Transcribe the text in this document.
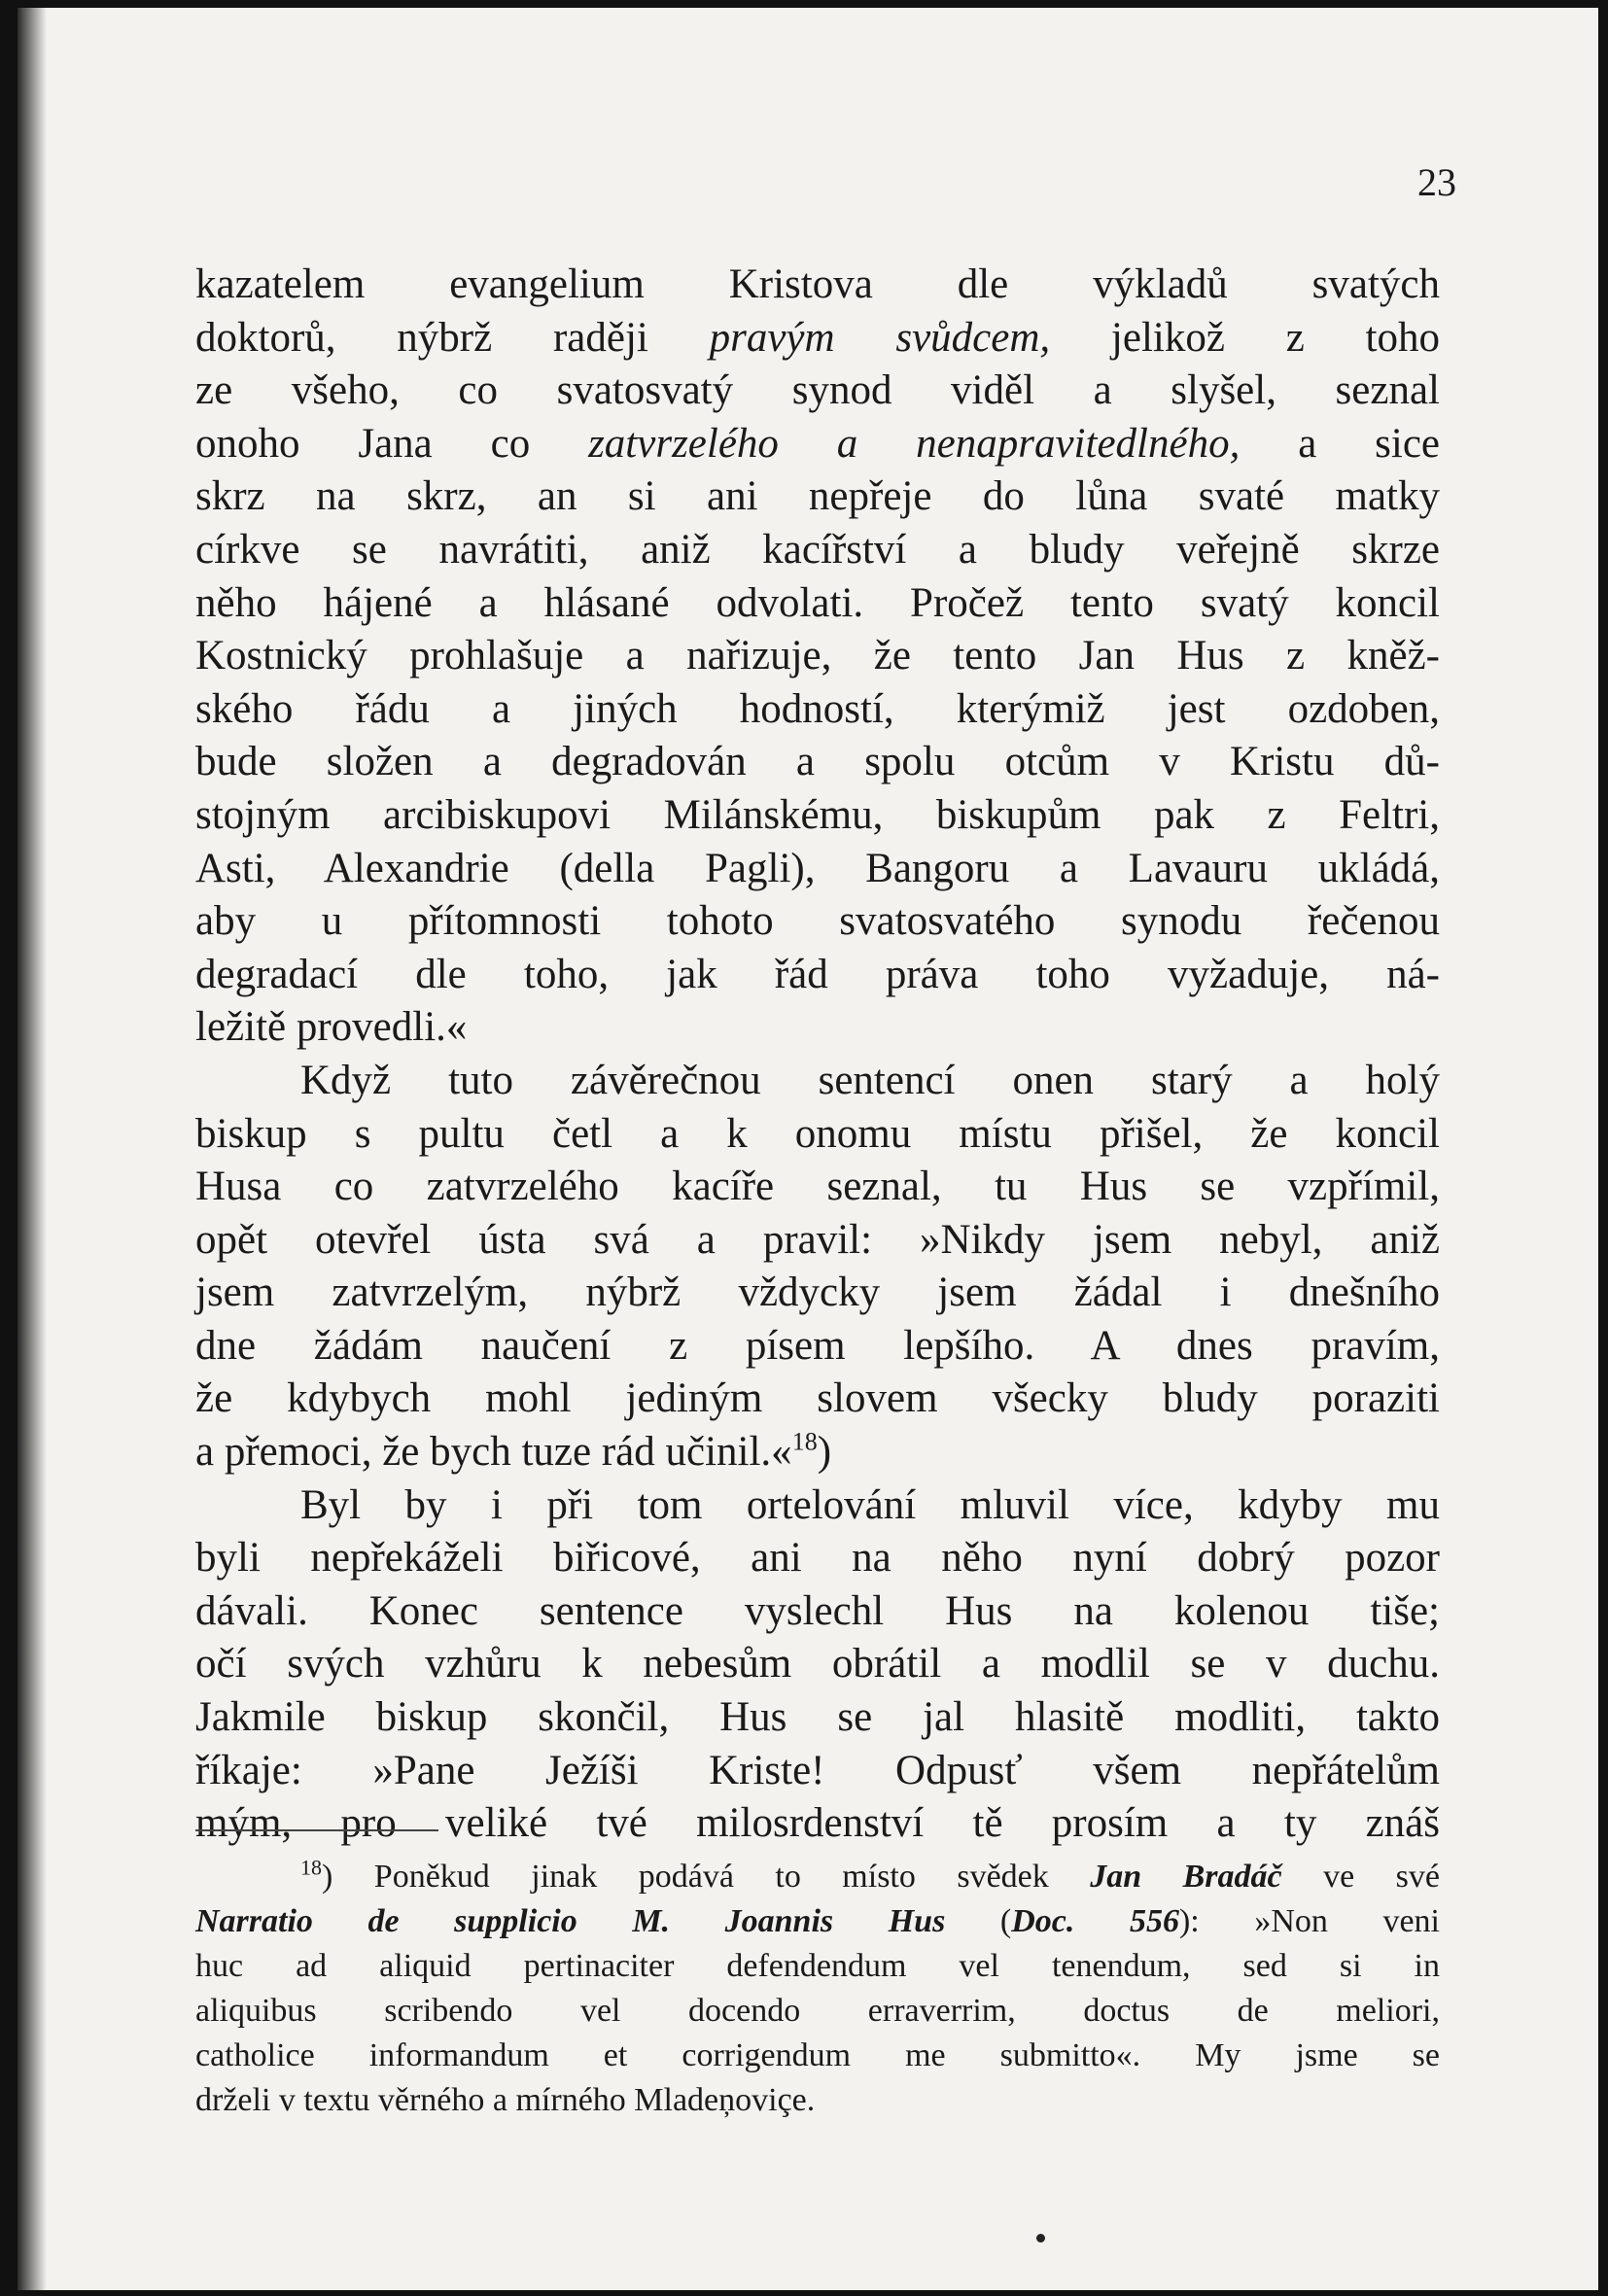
23
kazatelem evangelium Kristova dle výkladů svatých
doktorů, nýbrž raději pravým svůdcem, jelikož z toho
ze všeho, co svatosvatý synod viděl a slyšel, seznal
onoho Jana co zatvrzelého a nenapravitedlného, a sice
skrz na skrz, an si ani nepřeje do lůna svaté matky
církve se navrátiti, aniž kacířství a bludy veřejně skrze
něho hájené a hlásané odvolati. Pročež tento svatý koncil
Kostnický prohlašuje a nařizuje, že tento Jan Hus z kněž-
ského řádu a jiných hodností, kterýmiž jest ozdoben,
bude složen a degradován a spolu otcům v Kristu dů-
stojným arcibiskupovi Milánskému, biskupům pak z Feltri,
Asti, Alexandrie (della Pagli), Bangoru a Lavauru ukládá,
aby u přítomnosti tohoto svatosvatého synodu řečenou
degradací dle toho, jak řád práva toho vyžaduje, ná-
ležitě provedli.«
Když tuto závěrečnou sentencí onen starý a holý
biskup s pultu četl a k onomu místu přišel, že koncil
Husa co zatvrzelého kacíře seznal, tu Hus se vzpřímil,
opět otevřel ústa svá a pravil: »Nikdy jsem nebyl, aniž
jsem zatvrzelým, nýbrž vždycky jsem žádal i dnešního
dne žádám naučení z písem lepšího. A dnes pravím,
že kdybych mohl jediným slovem všecky bludy poraziti
a přemoci, že bych tuze rád učinil.«$^{18}$)
Byl by i při tom ortelování mluvil více, kdyby mu
byli nepřekáželi biřicové, ani na něho nyní dobrý pozor
dávali. Konec sentence vyslechl Hus na kolenou tiše;
očí svých vzhůru k nebesům obrátil a modlil se v duchu.
Jakmile biskup skončil, Hus se jal hlasitě modliti, takto
říkaje: »Pane Ježíši Kriste! Odpusť všem nepřátelům
mým, pro veliké tvé milosrdenství tě prosím a ty znáš
$^{18}$) Poněkud jinak podává to místo svědek Jan Bradáč ve své
Narratio de supplicio M. Joannis Hus (Doc. 556): »Non veni
huc ad aliquid pertinaciter defendendum vel tenendum, sed si in
aliquibus scribendo vel docendo erraverrim, doctus de meliori,
catholice informandum et corrigendum me submitto«. My jsme se
drželi v textu věrného a mírného Mladeņoviçe.
